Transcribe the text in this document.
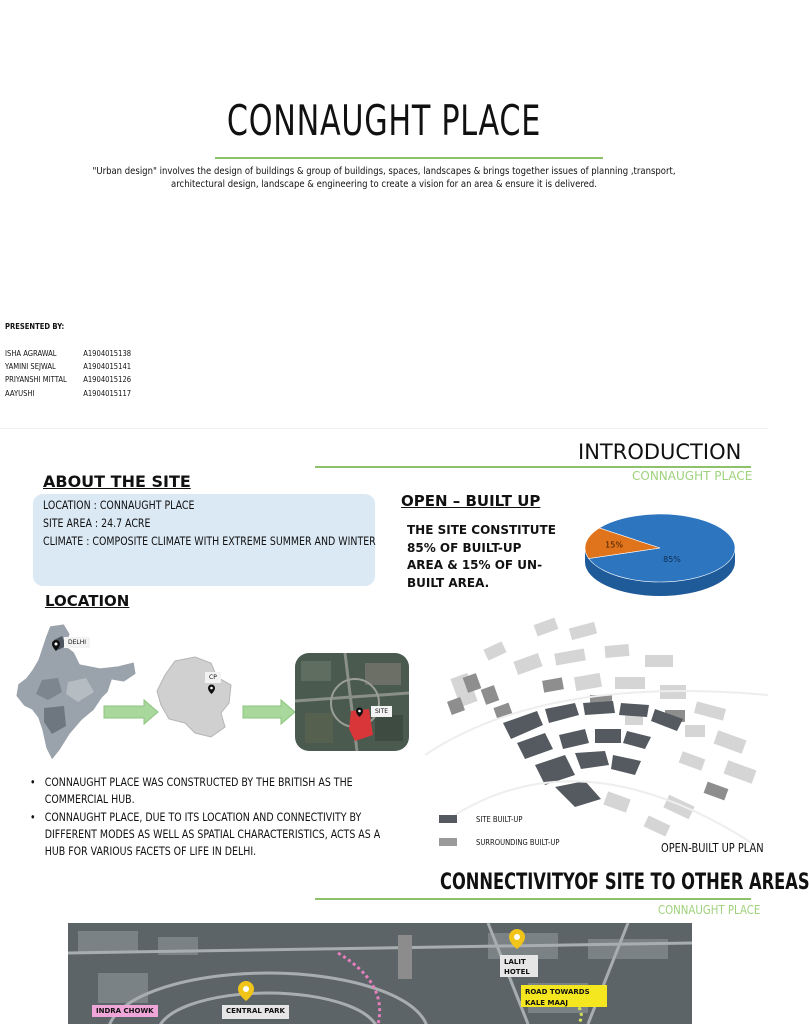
CONNAUGHT PLACE
"Urban design" involves the design of buildings & group of buildings, spaces, landscapes & brings together issues of planning ,transport,
architectural design, landscape & engineering to create a vision for an area & ensure it is delivered.
PRESENTED BY:
ISHA AGRAWAL	A1904015138
YAMINI SEJWAL	A1904015141
PRIYANSHI MITTAL A1904015126
AAYUSHI	A1904015117
INTRODUCTION
CONNAUGHT PLACE
ABOUT THE SITE
LOCATION : CONNAUGHT PLACE
SITE AREA : 24.7 ACRE
CLIMATE : COMPOSITE CLIMATE WITH EXTREME SUMMER AND WINTER
OPEN – BUILT UP
THE SITE CONSTITUTE 85% OF BUILT-UP AREA & 15% OF UN-BUILT AREA.
85%
15%
LOCATION
DELHI
CP
SITE
SITE BUILT-UP
SURROUNDING BUILT-UP	OPEN-BUILT UP PLAN
• CONNAUGHT PLACE WAS CONSTRUCTED BY THE BRITISH AS THE COMMERCIAL HUB.
• CONNAUGHT PLACE, DUE TO ITS LOCATION AND CONNECTIVITY BY DIFFERENT MODES AS WELL AS SPATIAL CHARACTERISTICS, ACTS AS A HUB FOR VARIOUS FACETS OF LIFE IN DELHI.
CONNECTIVITYOF SITE TO OTHER AREAS
CONNAUGHT PLACE
INDRA CHOWK	CENTRAL PARK
LALIT HOTEL
ROAD TOWARDS KALE MAAJ
